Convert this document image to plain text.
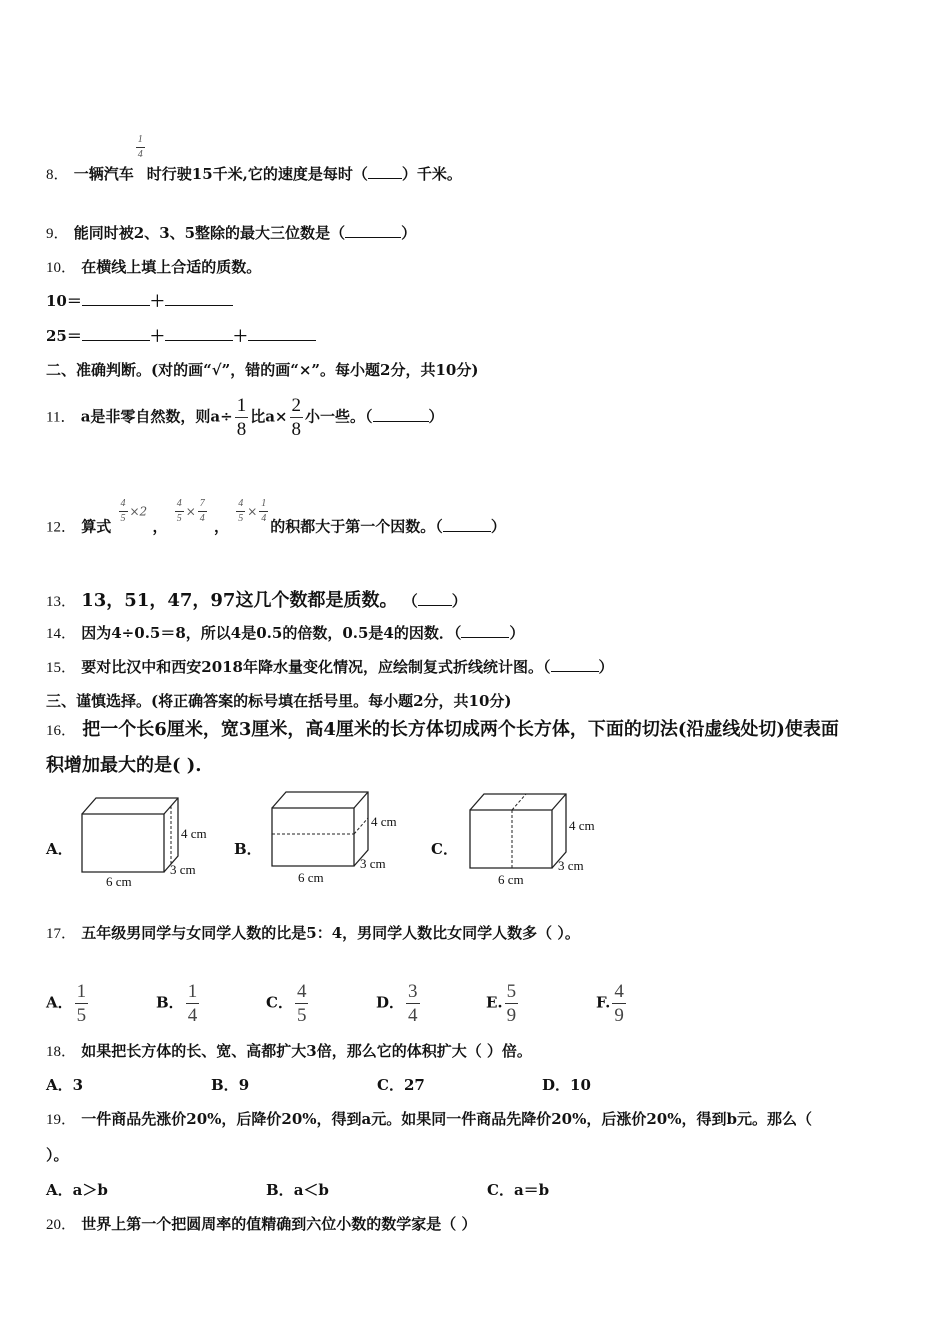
8． 一辆汽车
$\frac{1}{4}$
时行驶15千米,它的速度是每时（ ）千米。
9． 能同时被2、3、5整除的最大三位数是（	）
10． 在横线上填上合适的质数。
10＝	＋
25＝	＋	＋
二、准确判断。(对的画“√”，错的画“×”。每小题2分，共10分)
11． a是非零自然数，则$a\div \frac{1}{8}$ 比$a\times \frac{2}{8}$ 小一些。（	）
12． 算式
$\frac{4}{5} \times 2$ ，
$\frac{4}{5} \times \frac{7}{4}$
，
$\frac{4}{5} \times \frac{1}{4}$
的积都大于第一个因数。（	）
13． 13，51，47，97这几个数都是质数。 （ ）
14． 因为4÷0.5＝8，所以4是0.5的倍数，0.5是4的因数．（	）
15． 要对比汉中和西安2018年降水量变化情况，应绘制复式折线统计图。（	）
三、谨慎选择。(将正确答案的标号填在括号里。每小题2分，共10分)
16． 把一个长6厘米，宽3厘米，高4厘米的长方体切成两个长方体，下面的切法(沿虚线处切)使表面
积增加最大的是( ).
A．
4 cm
3 cm
6 cm
B．
4 cm
3 cm
6 cm
C．
4 cm
3 cm
6 cm
17． 五年级男同学与女同学人数的比是5：4，男同学人数比女同学人数多（ ）。
A． $\frac{1}{5}$	B． $\frac{1}{4}$	C． $\frac{4}{5}$	D． $\frac{3}{4}$	E. $\frac{5}{9}$	F. $\frac{4}{9}$
18． 如果把长方体的长、宽、高都扩大3倍，那么它的体积扩大（ ）倍。
A．3	B．9	C．27	D．10
19． 一件商品先涨价20%，后降价20%，得到a元。如果同一件商品先降价20%，后涨价20%，得到b元。那么（
）。
A．a＞b	B．a＜b	C．a＝b
20． 世界上第一个把圆周率的值精确到六位小数的数学家是（ ）
